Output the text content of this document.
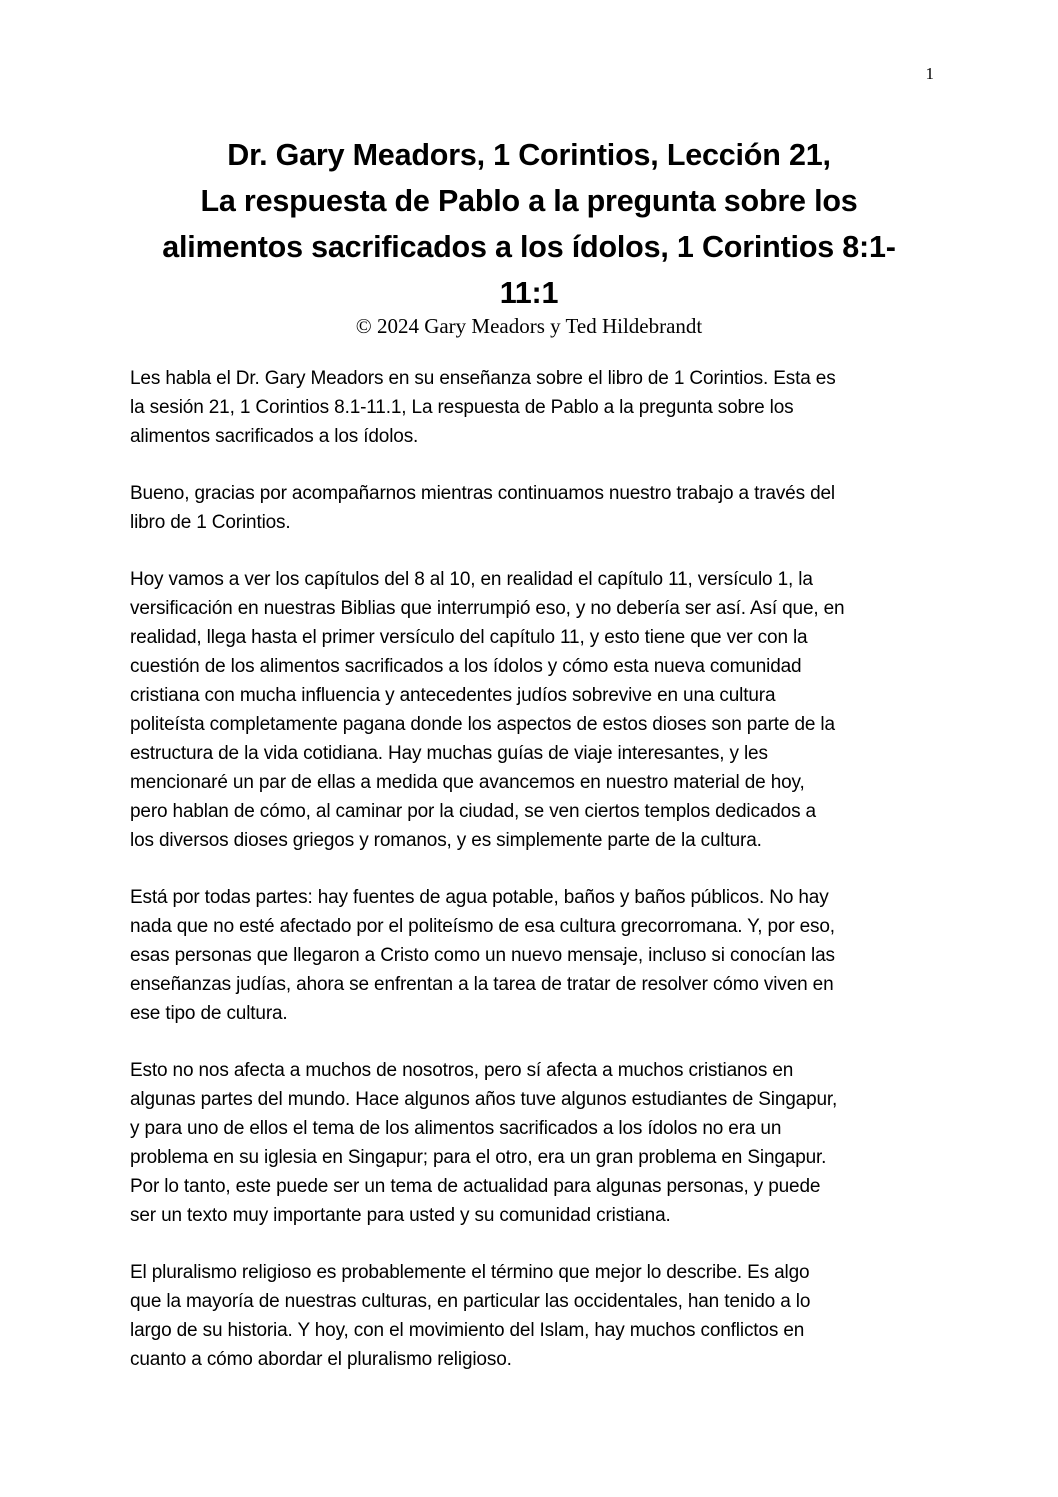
1
Dr. Gary Meadors, 1 Corintios, Lección 21,
La respuesta de Pablo a la pregunta sobre los
alimentos sacrificados a los ídolos, 1 Corintios 8:1-
11:1
© 2024 Gary Meadors y Ted Hildebrandt
Les habla el Dr. Gary Meadors en su enseñanza sobre el libro de 1 Corintios. Esta es
la sesión 21, 1 Corintios 8.1-11.1, La respuesta de Pablo a la pregunta sobre los
alimentos sacrificados a los ídolos.
Bueno, gracias por acompañarnos mientras continuamos nuestro trabajo a través del
libro de 1 Corintios.
Hoy vamos a ver los capítulos del 8 al 10, en realidad el capítulo 11, versículo 1, la
versificación en nuestras Biblias que interrumpió eso, y no debería ser así. Así que, en
realidad, llega hasta el primer versículo del capítulo 11, y esto tiene que ver con la
cuestión de los alimentos sacrificados a los ídolos y cómo esta nueva comunidad
cristiana con mucha influencia y antecedentes judíos sobrevive en una cultura
politeísta completamente pagana donde los aspectos de estos dioses son parte de la
estructura de la vida cotidiana. Hay muchas guías de viaje interesantes, y les
mencionaré un par de ellas a medida que avancemos en nuestro material de hoy,
pero hablan de cómo, al caminar por la ciudad, se ven ciertos templos dedicados a
los diversos dioses griegos y romanos, y es simplemente parte de la cultura.
Está por todas partes: hay fuentes de agua potable, baños y baños públicos. No hay
nada que no esté afectado por el politeísmo de esa cultura grecorromana. Y, por eso,
esas personas que llegaron a Cristo como un nuevo mensaje, incluso si conocían las
enseñanzas judías, ahora se enfrentan a la tarea de tratar de resolver cómo viven en
ese tipo de cultura.
Esto no nos afecta a muchos de nosotros, pero sí afecta a muchos cristianos en
algunas partes del mundo. Hace algunos años tuve algunos estudiantes de Singapur,
y para uno de ellos el tema de los alimentos sacrificados a los ídolos no era un
problema en su iglesia en Singapur; para el otro, era un gran problema en Singapur.
Por lo tanto, este puede ser un tema de actualidad para algunas personas, y puede
ser un texto muy importante para usted y su comunidad cristiana.
El pluralismo religioso es probablemente el término que mejor lo describe. Es algo
que la mayoría de nuestras culturas, en particular las occidentales, han tenido a lo
largo de su historia. Y hoy, con el movimiento del Islam, hay muchos conflictos en
cuanto a cómo abordar el pluralismo religioso.
